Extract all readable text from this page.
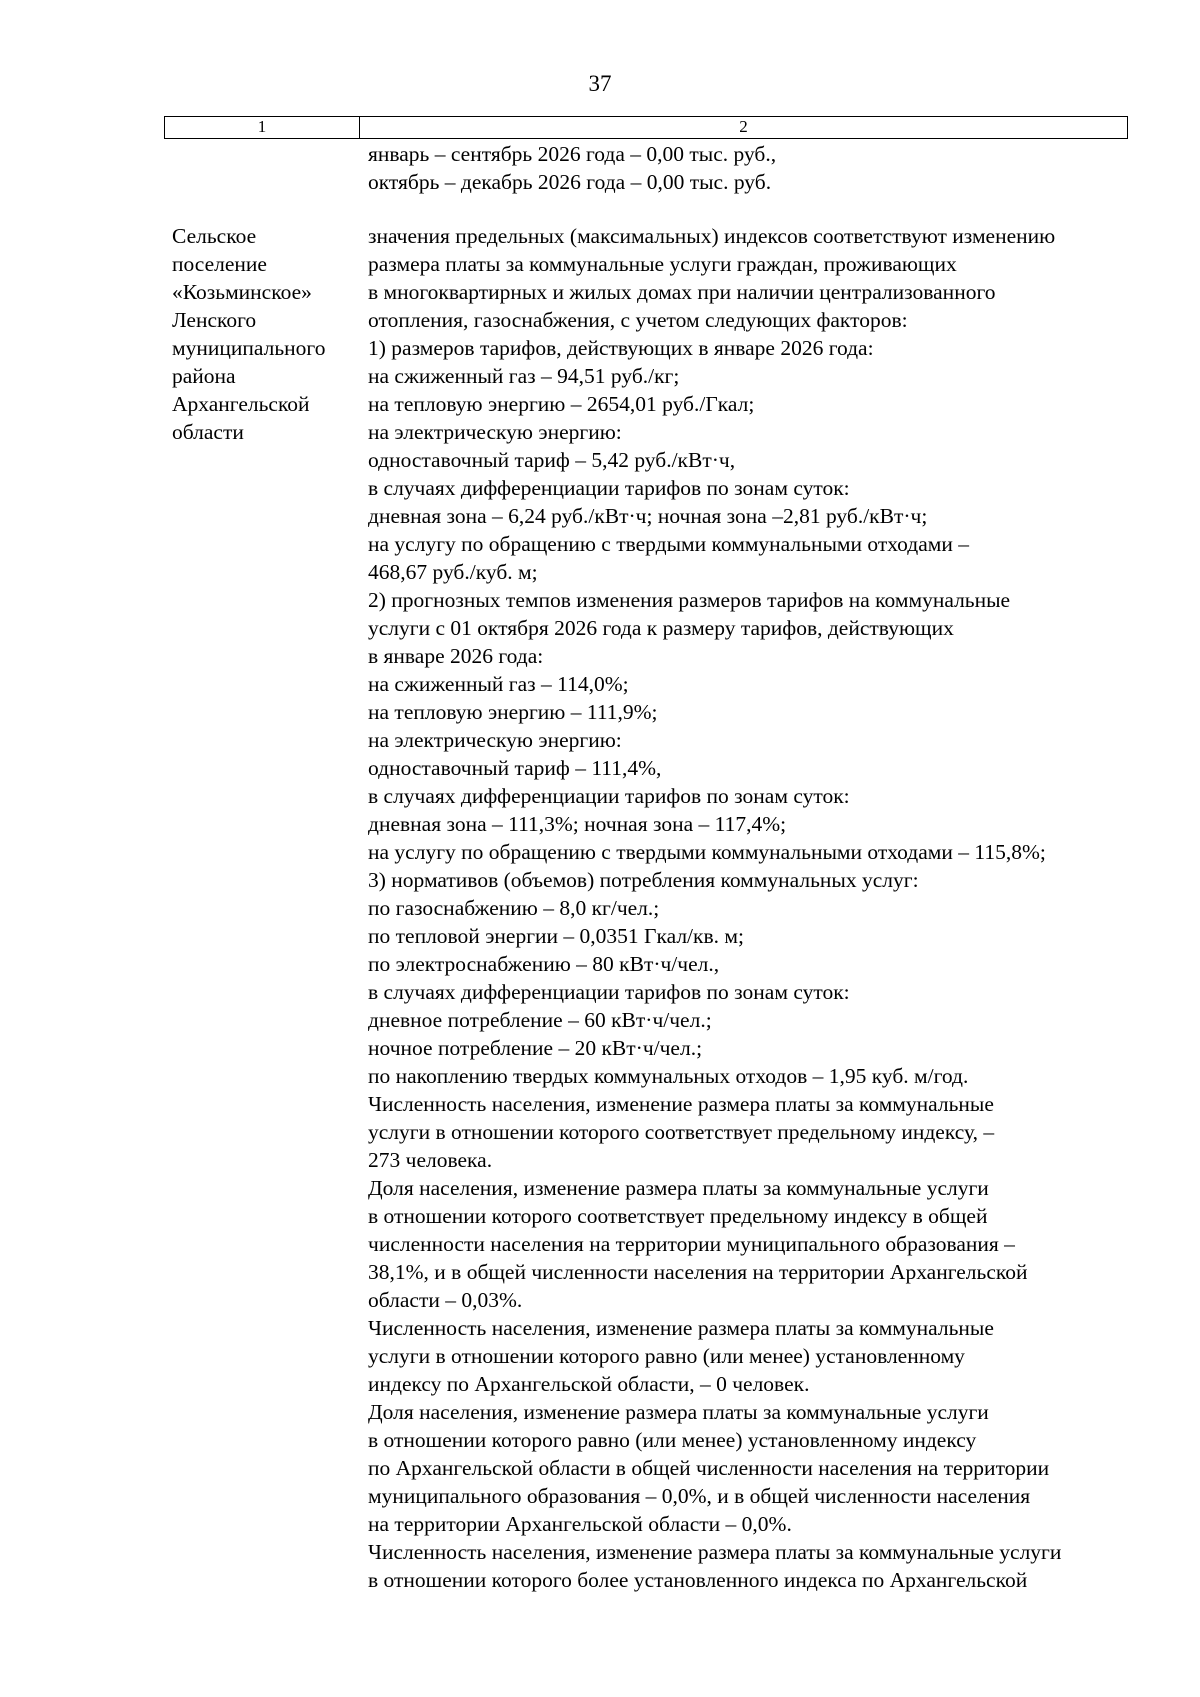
37
1	2
январь – сентябрь 2026 года – 0,00 тыс. руб.,
октябрь – декабрь 2026 года – 0,00 тыс. руб.
Сельское
поселение
«Козьминское»
Ленского
муниципального
района
Архангельской
области
значения предельных (максимальных) индексов соответствуют изменению
размера платы за коммунальные услуги граждан, проживающих
в многоквартирных и жилых домах при наличии централизованного
отопления, газоснабжения, с учетом следующих факторов:
1) размеров тарифов, действующих в январе 2026 года:
на сжиженный газ – 94,51 руб./кг;
на тепловую энергию – 2654,01 руб./Гкал;
на электрическую энергию:
одноставочный тариф – 5,42 руб./кВт·ч,
в случаях дифференциации тарифов по зонам суток:
дневная зона – 6,24 руб./кВт·ч; ночная зона –2,81 руб./кВт·ч;
на услугу по обращению с твердыми коммунальными отходами –
468,67 руб./куб. м;
2) прогнозных темпов изменения размеров тарифов на коммунальные
услуги с 01 октября 2026 года к размеру тарифов, действующих
в январе 2026 года:
на сжиженный газ – 114,0%;
на тепловую энергию – 111,9%;
на электрическую энергию:
одноставочный тариф – 111,4%,
в случаях дифференциации тарифов по зонам суток:
дневная зона – 111,3%; ночная зона – 117,4%;
на услугу по обращению с твердыми коммунальными отходами – 115,8%;
3) нормативов (объемов) потребления коммунальных услуг:
по газоснабжению – 8,0 кг/чел.;
по тепловой энергии – 0,0351 Гкал/кв. м;
по электроснабжению – 80 кВт·ч/чел.,
в случаях дифференциации тарифов по зонам суток:
дневное потребление – 60 кВт·ч/чел.;
ночное потребление – 20 кВт·ч/чел.;
по накоплению твердых коммунальных отходов – 1,95 куб. м/год.
Численность населения, изменение размера платы за коммунальные
услуги в отношении которого соответствует предельному индексу, –
273 человека.
Доля населения, изменение размера платы за коммунальные услуги
в отношении которого соответствует предельному индексу в общей
численности населения на территории муниципального образования –
38,1%, и в общей численности населения на территории Архангельской
области – 0,03%.
Численность населения, изменение размера платы за коммунальные
услуги в отношении которого равно (или менее) установленному
индексу по Архангельской области, – 0 человек.
Доля населения, изменение размера платы за коммунальные услуги
в отношении которого равно (или менее) установленному индексу
по Архангельской области в общей численности населения на территории
муниципального образования – 0,0%, и в общей численности населения
на территории Архангельской области – 0,0%.
Численность населения, изменение размера платы за коммунальные услуги
в отношении которого более установленного индекса по Архангельской
